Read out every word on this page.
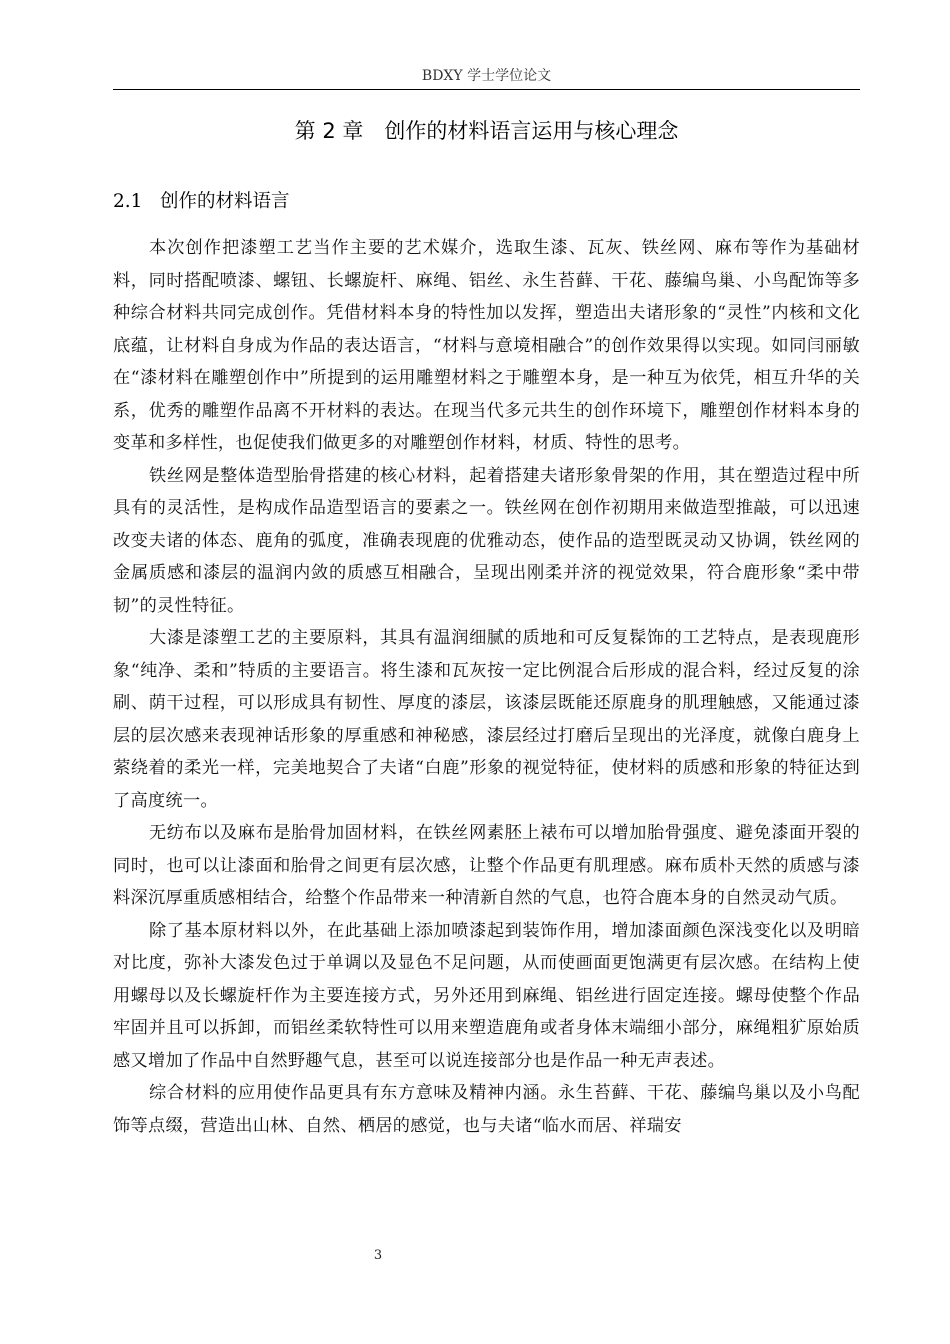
BDXY 学士学位论文
第 2 章　创作的材料语言运用与核心理念
2.1 创作的材料语言

本次创作把漆塑工艺当作主要的艺术媒介，选取生漆、瓦灰、铁丝网、麻布等作为基础材料，同时搭配喷漆、螺钮、长螺旋杆、麻绳、铝丝、永生苔藓、干花、藤编鸟巢、小鸟配饰等多种综合材料共同完成创作。凭借材料本身的特性加以发挥，塑造出夫诸形象的“灵性”内核和文化底蕴，让材料自身成为作品的表达语言，“材料与意境相融合”的创作效果得以实现。如同闫丽敏在“漆材料在雕塑创作中”所提到的运用雕塑材料之于雕塑本身，是一种互为依凭，相互升华的关系，优秀的雕塑作品离不开材料的表达。在现当代多元共生的创作环境下，雕塑创作材料本身的变革和多样性，也促使我们做更多的对雕塑创作材料，材质、特性的思考。

铁丝网是整体造型胎骨搭建的核心材料，起着搭建夫诸形象骨架的作用，其在塑造过程中所具有的灵活性，是构成作品造型语言的要素之一。铁丝网在创作初期用来做造型推敲，可以迅速改变夫诸的体态、鹿角的弧度，准确表现鹿的优雅动态，使作品的造型既灵动又协调，铁丝网的金属质感和漆层的温润内敛的质感互相融合，呈现出刚柔并济的视觉效果，符合鹿形象“柔中带韧”的灵性特征。

大漆是漆塑工艺的主要原料，其具有温润细腻的质地和可反复髹饰的工艺特点，是表现鹿形象“纯净、柔和”特质的主要语言。将生漆和瓦灰按一定比例混合后形成的混合料，经过反复的涂刷、荫干过程，可以形成具有韧性、厚度的漆层，该漆层既能还原鹿身的肌理触感，又能通过漆层的层次感来表现神话形象的厚重感和神秘感，漆层经过打磨后呈现出的光泽度，就像白鹿身上萦绕着的柔光一样，完美地契合了夫诸“白鹿”形象的视觉特征，使材料的质感和形象的特征达到了高度统一。

无纺布以及麻布是胎骨加固材料，在铁丝网素胚上裱布可以增加胎骨强度、避免漆面开裂的同时，也可以让漆面和胎骨之间更有层次感，让整个作品更有肌理感。麻布质朴天然的质感与漆料深沉厚重质感相结合，给整个作品带来一种清新自然的气息，也符合鹿本身的自然灵动气质。

除了基本原材料以外，在此基础上添加喷漆起到装饰作用，增加漆面颜色深浅变化以及明暗对比度，弥补大漆发色过于单调以及显色不足问题，从而使画面更饱满更有层次感。在结构上使用螺母以及长螺旋杆作为主要连接方式，另外还用到麻绳、铝丝进行固定连接。螺母使整个作品牢固并且可以拆卸，而铝丝柔软特性可以用来塑造鹿角或者身体末端细小部分，麻绳粗犷原始质感又增加了作品中自然野趣气息，甚至可以说连接部分也是作品一种无声表述。

综合材料的应用使作品更具有东方意味及精神内涵。永生苔藓、干花、藤编鸟巢以及小鸟配饰等点缀，营造出山林、自然、栖居的感觉，也与夫诸“临水而居、祥瑞安

3
